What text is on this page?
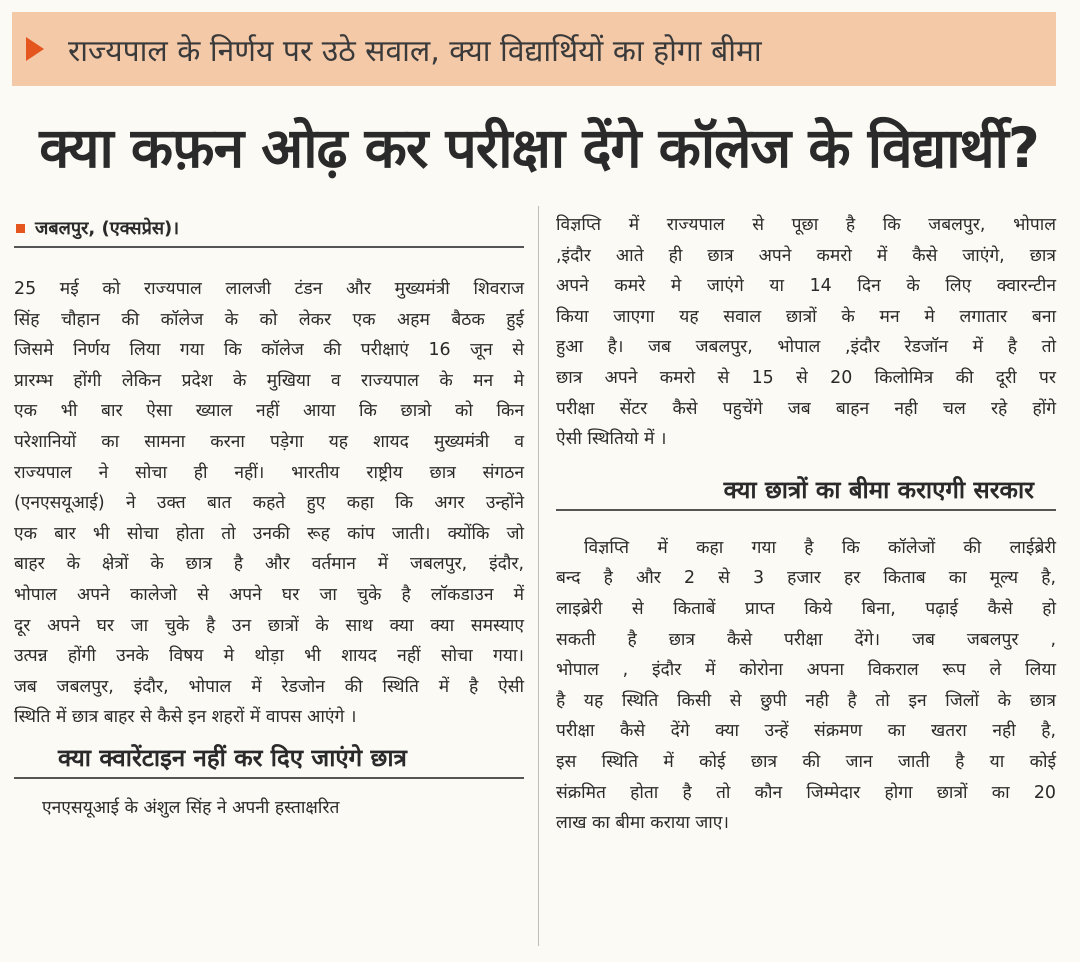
राज्यपाल के निर्णय पर उठे सवाल, क्या विद्यार्थियों का होगा बीमा
क्या कफ़न ओढ़ कर परीक्षा देंगे कॉलेज के विद्यार्थी?
जबलपुर, (एक्सप्रेस)।
25 मई को राज्यपाल लालजी टंडन और मुख्यमंत्री शिवराज
सिंह चौहान की कॉलेज के को लेकर एक अहम बैठक हुई
जिसमे निर्णय लिया गया कि कॉलेज की परीक्षाएं 16 जून से
प्रारम्भ होंगी लेकिन प्रदेश के मुखिया व राज्यपाल के मन मे
एक भी बार ऐसा ख्याल नहीं आया कि छात्रो को किन
परेशानियों का सामना करना पड़ेगा यह शायद मुख्यमंत्री व
राज्यपाल ने सोचा ही नहीं। भारतीय राष्ट्रीय छात्र संगठन
(एनएसयूआई) ने उक्त बात कहते हुए कहा कि अगर उन्होंने
एक बार भी सोचा होता तो उनकी रूह कांप जाती। क्योंकि जो
बाहर के क्षेत्रों के छात्र है और वर्तमान में जबलपुर, इंदौर,
भोपाल अपने कालेजो से अपने घर जा चुके है लॉकडाउन में
दूर अपने घर जा चुके है उन छात्रों के साथ क्या क्या समस्याए
उत्पन्न होंगी उनके विषय मे थोड़ा भी शायद नहीं सोचा गया।
जब जबलपुर, इंदौर, भोपाल में रेडजोन की स्थिति में है ऐसी
स्थिति में छात्र बाहर से कैसे इन शहरों में वापस आएंगे ।
क्या क्वारेंटाइन नहीं कर दिए जाएंगे छात्र
एनएसयूआई के अंशुल सिंह ने अपनी हस्ताक्षरित
विज्ञप्ति में राज्यपाल से पूछा है कि जबलपुर, भोपाल
,इंदौर आते ही छात्र अपने कमरो में कैसे जाएंगे, छात्र
अपने कमरे मे जाएंगे या 14 दिन के लिए क्वारन्टीन
किया जाएगा यह सवाल छात्रों के मन मे लगातार बना
हुआ है। जब जबलपुर, भोपाल ,इंदौर रेडजॉन में है तो
छात्र अपने कमरो से 15 से 20 किलोमित्र की दूरी पर
परीक्षा सेंटर कैसे पहुचेंगे जब बाहन नही चल रहे होंगे
ऐसी स्थितियो में ।
क्या छात्रों का बीमा कराएगी सरकार
विज्ञप्ति में कहा गया है कि कॉलेजों की लाईब्रेरी
बन्द है और 2 से 3 हजार हर किताब का मूल्य है,
लाइब्रेरी से किताबें प्राप्त किये बिना, पढ़ाई कैसे हो
सकती है छात्र कैसे परीक्षा देंगे। जब जबलपुर ,
भोपाल , इंदौर में कोरोना अपना विकराल रूप ले लिया
है यह स्थिति किसी से छुपी नही है तो इन जिलों के छात्र
परीक्षा कैसे देंगे क्या उन्हें संक्रमण का खतरा नही है,
इस स्थिति में कोई छात्र की जान जाती है या कोई
संक्रमित होता है तो कौन जिम्मेदार होगा छात्रों का 20
लाख का बीमा कराया जाए।
